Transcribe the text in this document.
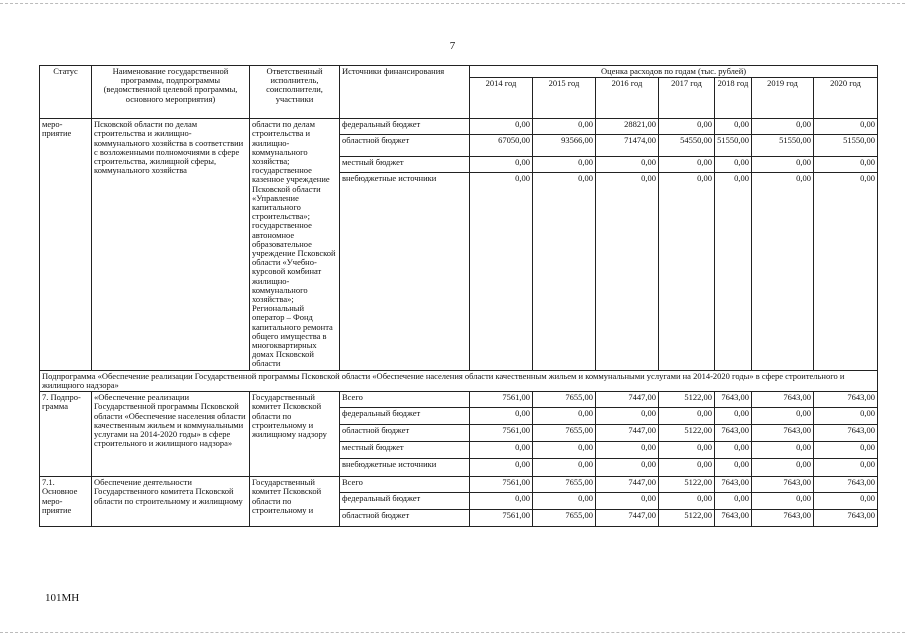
7
Статус	Наименование государственной программы, подпрограммы (ведомственной целевой программы, основного мероприятия)	Ответственный исполнитель, соисполнители, участники	Источники финансирования	Оценка расходов по годам (тыс. рублей)						
				2014 год	2015 год	2016 год	2017 год	2018 год	2019 год	2020 год
меро-приятие	Псковской области по делам строительства и жилищно-коммунального хозяйства в соответствии с возложенными полномочиями в сфере строительства, жилищной сферы, коммунального хозяйства	области по делам строительства и жилищно-коммунального хозяйства; государственное казенное учреждение Псковской области «Управление капитального строительства»; государственное автономное образовательное учреждение Псковской области «Учебно-курсовой комбинат жилищно-коммунального хозяйства»; Региональный оператор – Фонд капитального ремонта общего имущества в многоквартирных домах Псковской области	федеральный бюджет	0,00	0,00	28821,00	0,00	0,00	0,00	0,00
			областной бюджет	67050,00	93566,00	71474,00	54550,00	51550,00	51550,00	51550,00
			местный бюджет	0,00	0,00	0,00	0,00	0,00	0,00	0,00
			внебюджетные источники	0,00	0,00	0,00	0,00	0,00	0,00	0,00
Подпрограмма «Обеспечение реализации Государственной программы Псковской области «Обеспечение населения области качественным жильем и коммунальными услугами на 2014-2020 годы» в сфере строительного и жилищного надзора»										
7. Подпро-грамма	«Обеспечение реализации Государственной программы Псковской области «Обеспечение населения области качественным жильем и коммунальными услугами на 2014-2020 годы» в сфере строительного и жилищного надзора»	Государственный комитет Псковской области по строительному и жилищному надзору	Всего	7561,00	7655,00	7447,00	5122,00	7643,00	7643,00	7643,00
			федеральный бюджет	0,00	0,00	0,00	0,00	0,00	0,00	0,00
			областной бюджет	7561,00	7655,00	7447,00	5122,00	7643,00	7643,00	7643,00
			местный бюджет	0,00	0,00	0,00	0,00	0,00	0,00	0,00
			внебюджетные источники	0,00	0,00	0,00	0,00	0,00	0,00	0,00
7.1. Основное меро-приятие	Обеспечение деятельности Государственного комитета Псковской области по строительному и жилищному	Государственный комитет Псковской области по строительному и	Всего	7561,00	7655,00	7447,00	5122,00	7643,00	7643,00	7643,00
			федеральный бюджет	0,00	0,00	0,00	0,00	0,00	0,00	0,00
			областной бюджет	7561,00	7655,00	7447,00	5122,00	7643,00	7643,00	7643,00
101МН
